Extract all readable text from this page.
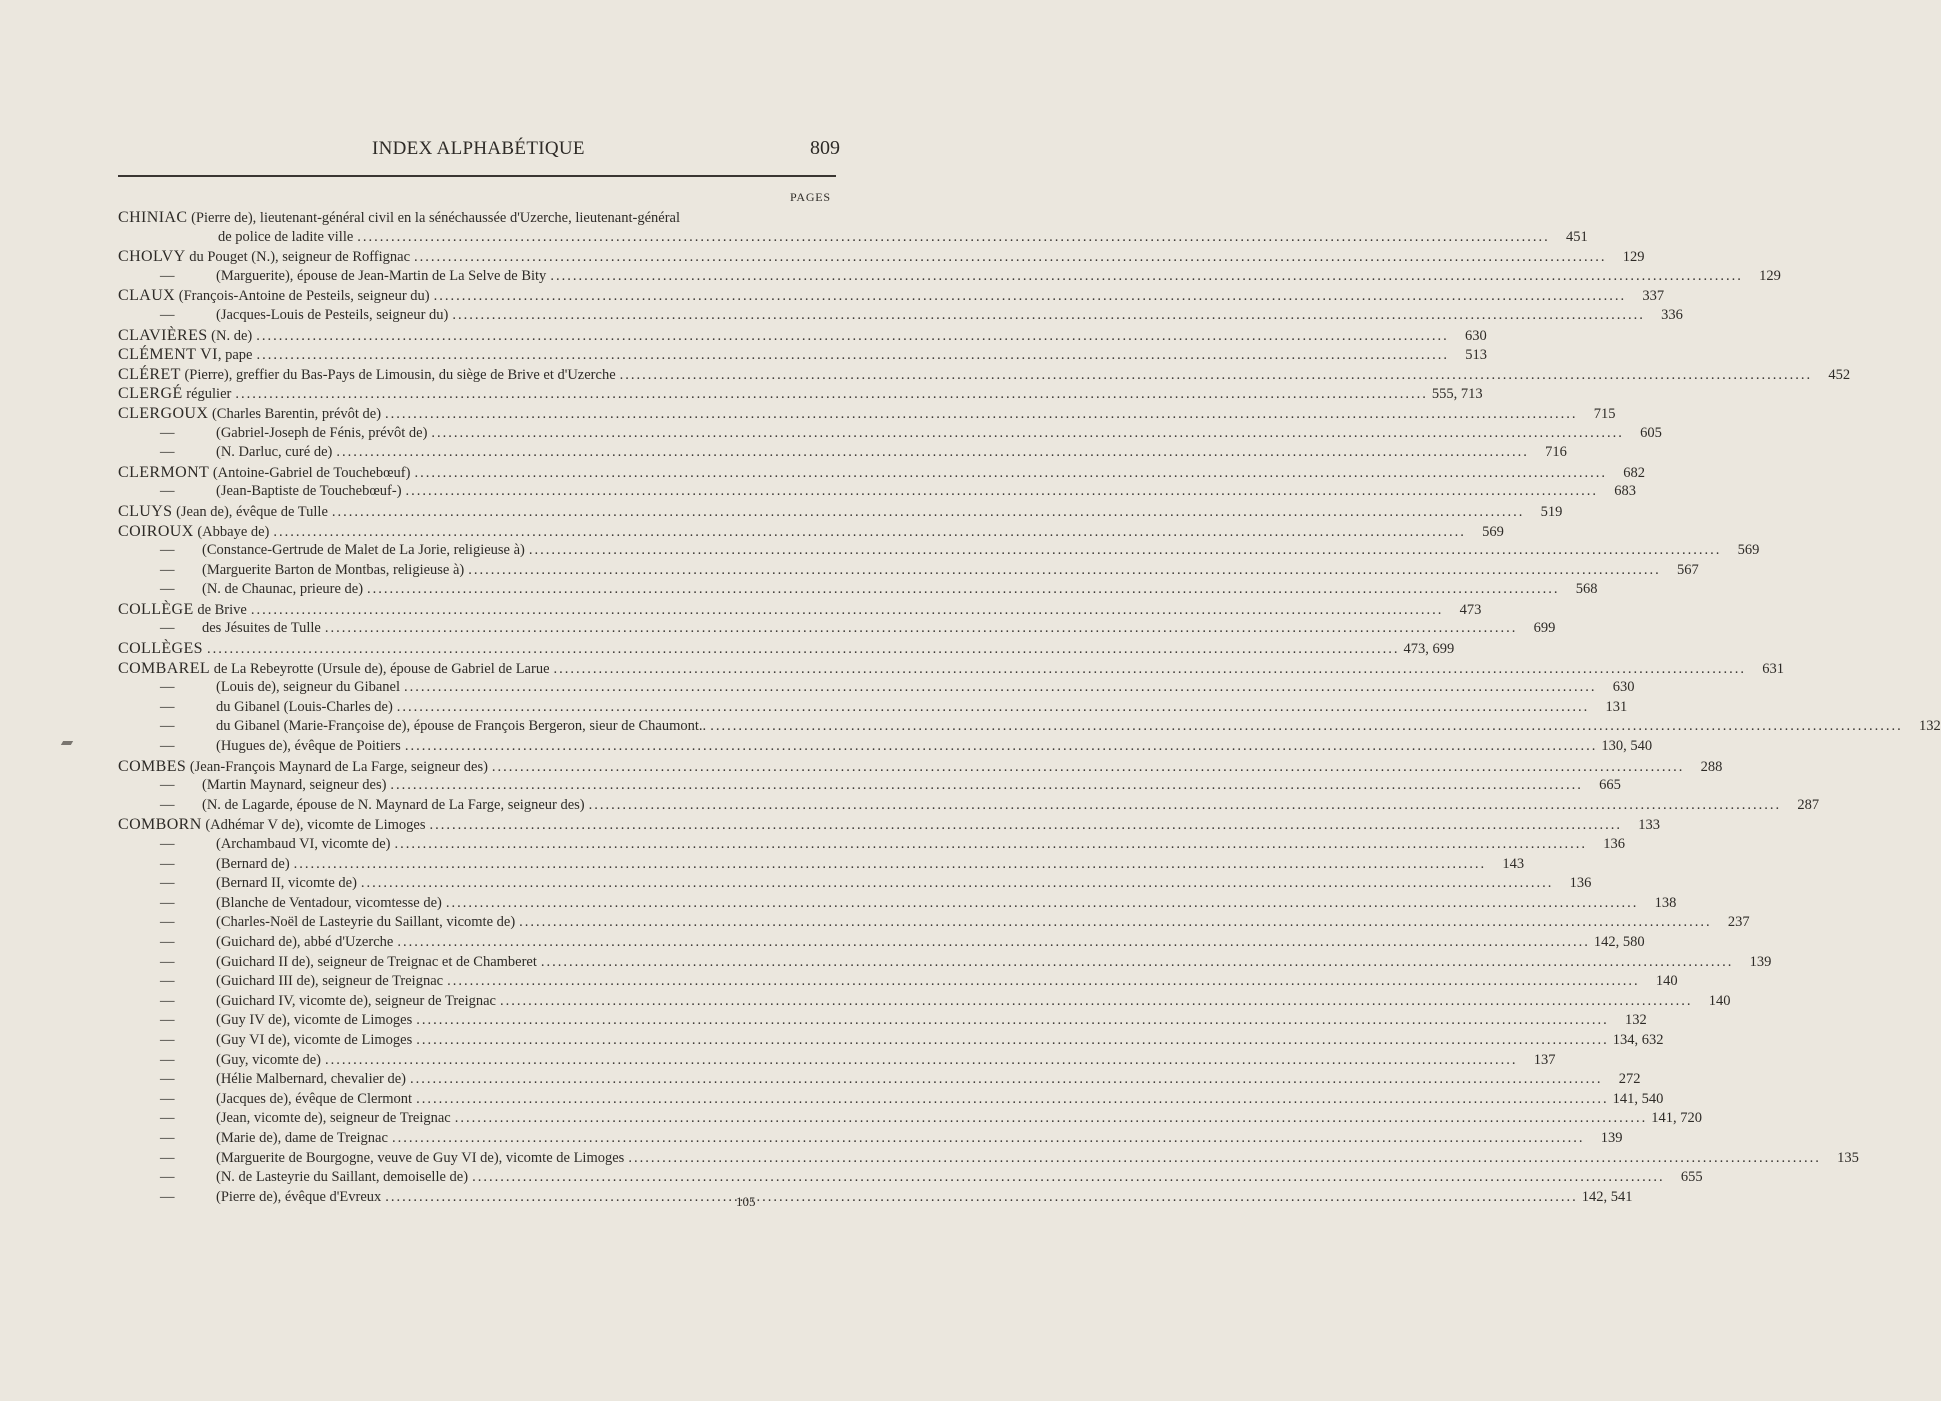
INDEX ALPHABÉTIQUE	809
PAGES
CHINIAC (Pierre de), lieutenant-général civil en la sénéchaussée d'Uzerche, lieutenant-général
de police de ladite ville .....	451
CHOLVY du Pouget (N.), seigneur de Roffignac .....	129
—	(Marguerite), épouse de Jean-Martin de La Selve de Bity .....	129
CLAUX (François-Antoine de Pesteils, seigneur du) .....	337
—	(Jacques-Louis de Pesteils, seigneur du) .....	336
CLAVIÈRES (N. de) .....	630
CLÉMENT VI, pape .....	513
CLÉRET (Pierre), greffier du Bas-Pays de Limousin, du siège de Brive et d'Uzerche .....	452
CLERGÉ régulier .....	555, 713
CLERGOUX (Charles Barentin, prévôt de) .....	715
—	(Gabriel-Joseph de Fénis, prévôt de) .....	605
—	(N. Darluc, curé de) .....	716
CLERMONT (Antoine-Gabriel de Touchebœuf) .....	682
—	(Jean-Baptiste de Touchebœuf-) .....	683
CLUYS (Jean de), évêque de Tulle .....	519
COIROUX (Abbaye de) .....	569
— (Constance-Gertrude de Malet de La Jorie, religieuse à) .....	569
— (Marguerite Barton de Montbas, religieuse à) .....	567
— (N. de Chaunac, prieure de) .....	568
COLLÈGE de Brive .....	473
— des Jésuites de Tulle .....	699
COLLÈGES .....	473, 699
COMBAREL de La Rebeyrotte (Ursule de), épouse de Gabriel de Larue .....	631
—	(Louis de), seigneur du Gibanel .....	630
—	du Gibanel (Louis-Charles de) .....	131
—	du Gibanel (Marie-Françoise de), épouse de François Bergeron, sieur de Chaumont.. .....	132
—	(Hugues de), évêque de Poitiers .....	130, 540
COMBES (Jean-François Maynard de La Farge, seigneur des) .....	288
— (Martin Maynard, seigneur des) .....	665
— (N. de Lagarde, épouse de N. Maynard de La Farge, seigneur des) .....	287
COMBORN (Adhémar V de), vicomte de Limoges .....	133
—	(Archambaud VI, vicomte de) .....	136
—	(Bernard de) .....	143
—	(Bernard II, vicomte de) .....	136
—	(Blanche de Ventadour, vicomtesse de) .....	138
—	(Charles-Noël de Lasteyrie du Saillant, vicomte de) .....	237
—	(Guichard de), abbé d'Uzerche .....	142, 580
—	(Guichard II de), seigneur de Treignac et de Chamberet .....	139
—	(Guichard III de), seigneur de Treignac .....	140
—	(Guichard IV, vicomte de), seigneur de Treignac .....	140
—	(Guy IV de), vicomte de Limoges .....	132
—	(Guy VI de), vicomte de Limoges .....	134, 632
—	(Guy, vicomte de) .....	137
—	(Hélie Malbernard, chevalier de) .....	272
—	(Jacques de), évêque de Clermont .....	141, 540
—	(Jean, vicomte de), seigneur de Treignac .....	141, 720
—	(Marie de), dame de Treignac .....	139
—	(Marguerite de Bourgogne, veuve de Guy VI de), vicomte de Limoges .....	135
—	(N. de Lasteyrie du Saillant, demoiselle de) .....	655
—	(Pierre de), évêque d'Evreux .....	142, 541
105
